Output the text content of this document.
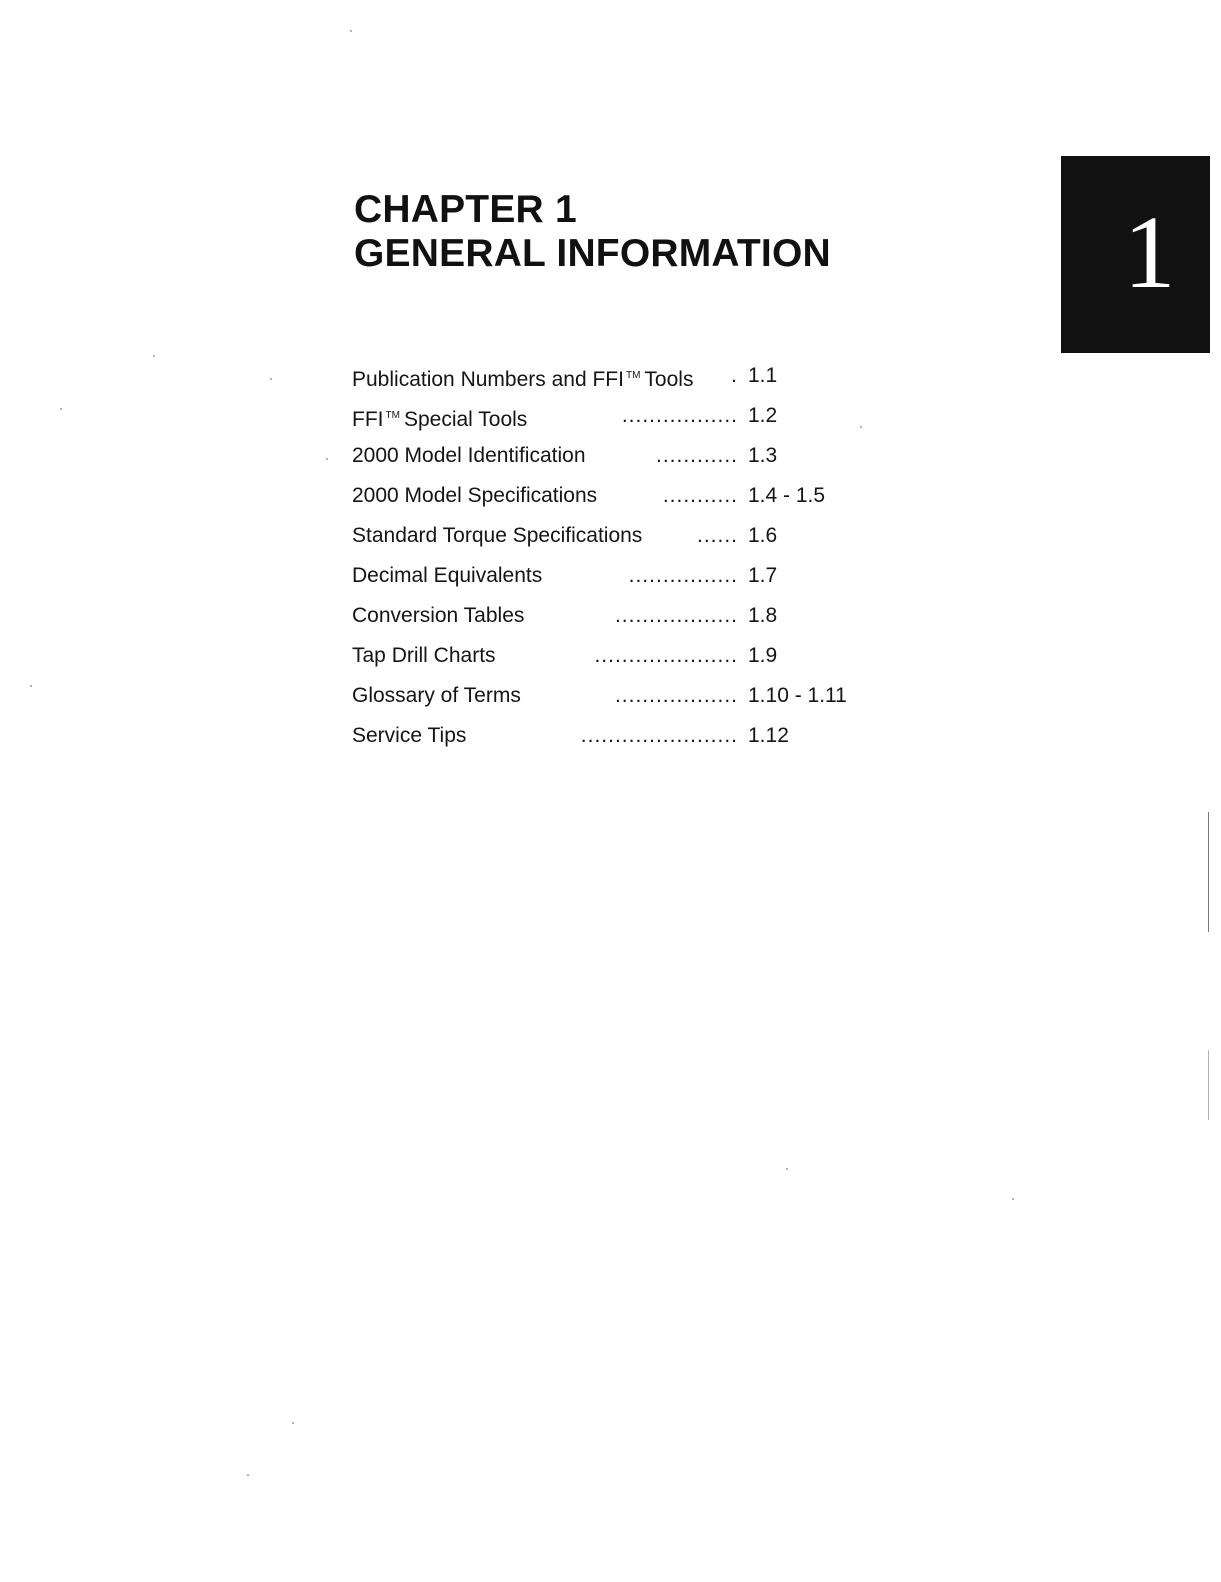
CHAPTER 1
GENERAL INFORMATION	1
Publication Numbers and FFI ™ Tools . 1.1
FFI ™ Special Tools	................. 1.2
2000 Model Identification	............ 1.3
2000 Model Specifications	........... 1.4 - 1.5
Standard Torque Specifications	...... 1.6
Decimal Equivalents	................ 1.7
Conversion Tables	.................. 1.8
Tap Drill Charts	..................... 1.9
Glossary of Terms	.................. 1.10 - 1.11
Service Tips	....................... 1.12
